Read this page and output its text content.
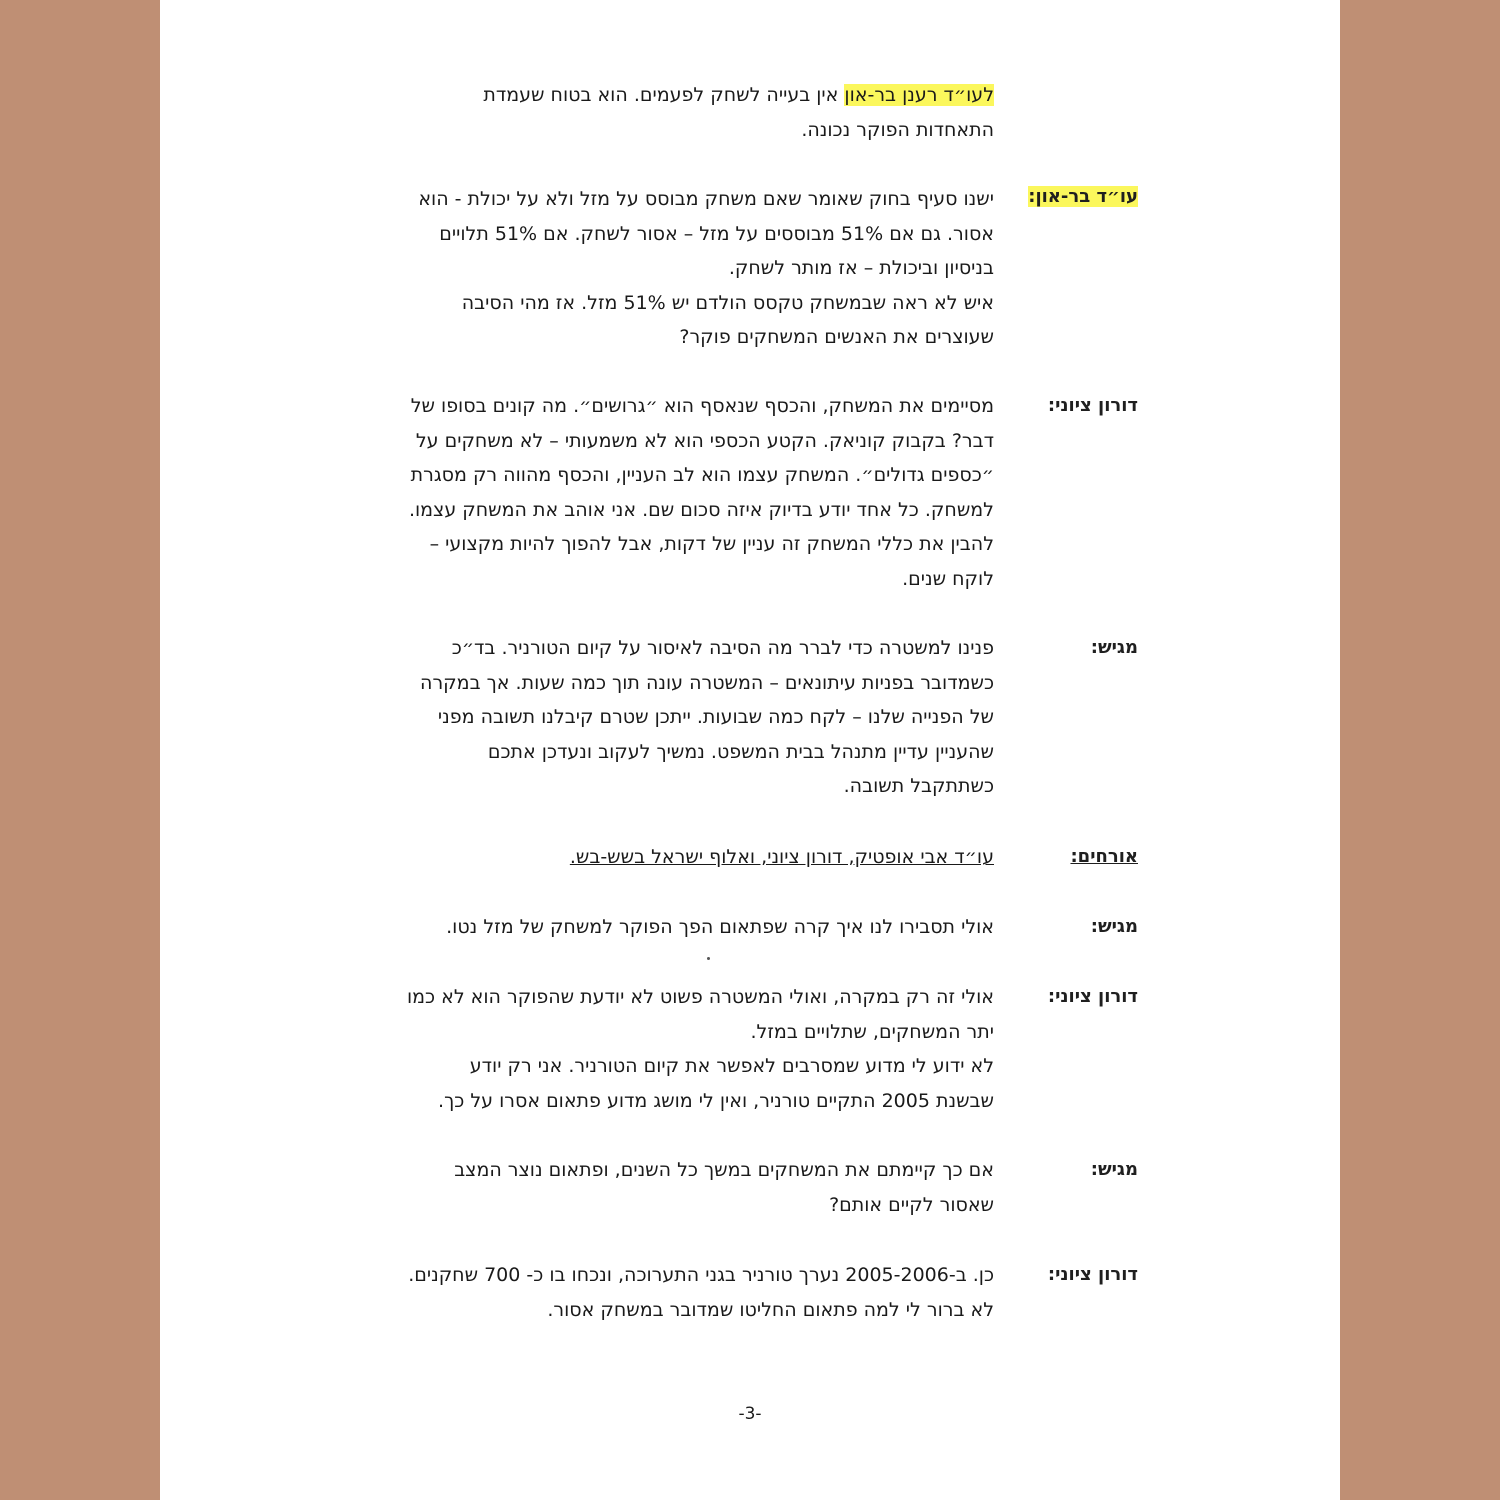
לעו״ד רענן בר-און אין בעייה לשחק לפעמים. הוא בטוח שעמדת
התאחדות הפוקר נכונה.
עו״ד בר-און:
ישנו סעיף בחוק שאומר שאם משחק מבוסס על מזל ולא על יכולת - הוא
אסור. גם אם 51% מבוססים על מזל – אסור לשחק. אם 51% תלויים
בניסיון וביכולת – אז מותר לשחק.
איש לא ראה שבמשחק טקסס הולדם יש 51% מזל. אז מהי הסיבה
שעוצרים את האנשים המשחקים פוקר?
דורון ציוני:
מסיימים את המשחק, והכסף שנאסף הוא ״גרושים״. מה קונים בסופו של
דבר? בקבוק קוניאק. הקטע הכספי הוא לא משמעותי – לא משחקים על
״כספים גדולים״. המשחק עצמו הוא לב העניין, והכסף מהווה רק מסגרת
למשחק. כל אחד יודע בדיוק איזה סכום שם. אני אוהב את המשחק עצמו.
להבין את כללי המשחק זה עניין של דקות, אבל להפוך להיות מקצועי –
לוקח שנים.
מגיש:
פנינו למשטרה כדי לברר מה הסיבה לאיסור על קיום הטורניר. בד״כ
כשמדובר בפניות עיתונאים – המשטרה עונה תוך כמה שעות. אך במקרה
של הפנייה שלנו – לקח כמה שבועות. ייתכן שטרם קיבלנו תשובה מפני
שהעניין עדיין מתנהל בבית המשפט. נמשיך לעקוב ונעדכן אתכם
כשתתקבל תשובה.
אורחים:
עו״ד אבי אופטיק, דורון ציוני, ואלוף ישראל בשש-בש.
מגיש:
אולי תסבירו לנו איך קרה שפתאום הפך הפוקר למשחק של מזל נטו.
דורון ציוני:
אולי זה רק במקרה, ואולי המשטרה פשוט לא יודעת שהפוקר הוא לא כמו
יתר המשחקים, שתלויים במזל.
לא ידוע לי מדוע שמסרבים לאפשר את קיום הטורניר. אני רק יודע
שבשנת 2005 התקיים טורניר, ואין לי מושג מדוע פתאום אסרו על כך.
מגיש:
אם כך קיימתם את המשחקים במשך כל השנים, ופתאום נוצר המצב
שאסור לקיים אותם?
דורון ציוני:
כן. ב-2005-2006 נערך טורניר בגני התערוכה, ונכחו בו כ- 700 שחקנים.
לא ברור לי למה פתאום החליטו שמדובר במשחק אסור.
-3-
